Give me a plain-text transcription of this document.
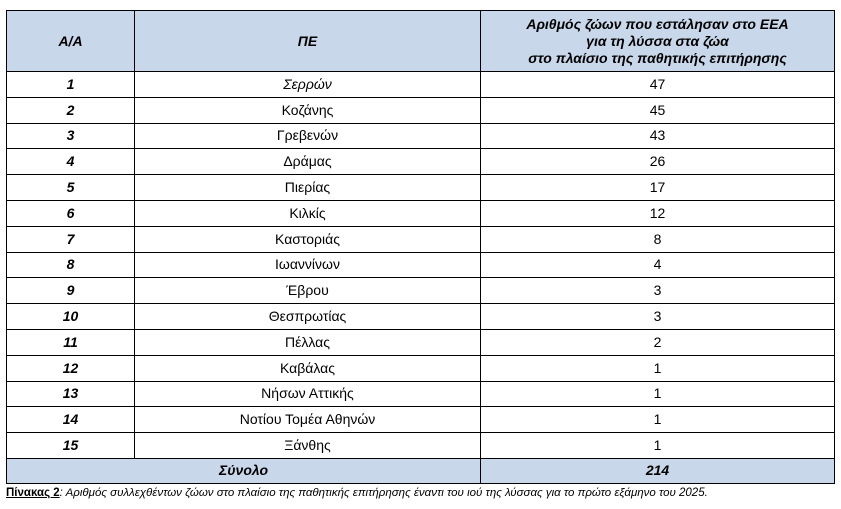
Α/Α	ΠΕ	Αριθμός ζώων που εστάλησαν στο ΕΕΑ
για τη λύσσα στα ζώα
στο πλαίσιο της παθητικής επιτήρησης

1	Σερρών	47
2	Κοζάνης	45
3	Γρεβενών	43
4	Δράμας	26
5	Πιερίας	17
6	Κιλκίς	12
7	Καστοριάς	8
8	Ιωαννίνων	4
9	Έβρου	3
10	Θεσπρωτίας	3
11	Πέλλας	2
12	Καβάλας	1
13	Νήσων Αττικής	1
14	Νοτίου Τομέα Αθηνών	1
15	Ξάνθης	1
Σύνολο		214
Πίνακας 2: Αριθμός συλλεχθέντων ζώων στο πλαίσιο της παθητικής επιτήρησης έναντι του ιού της λύσσας για το πρώτο εξάμηνο του 2025.
